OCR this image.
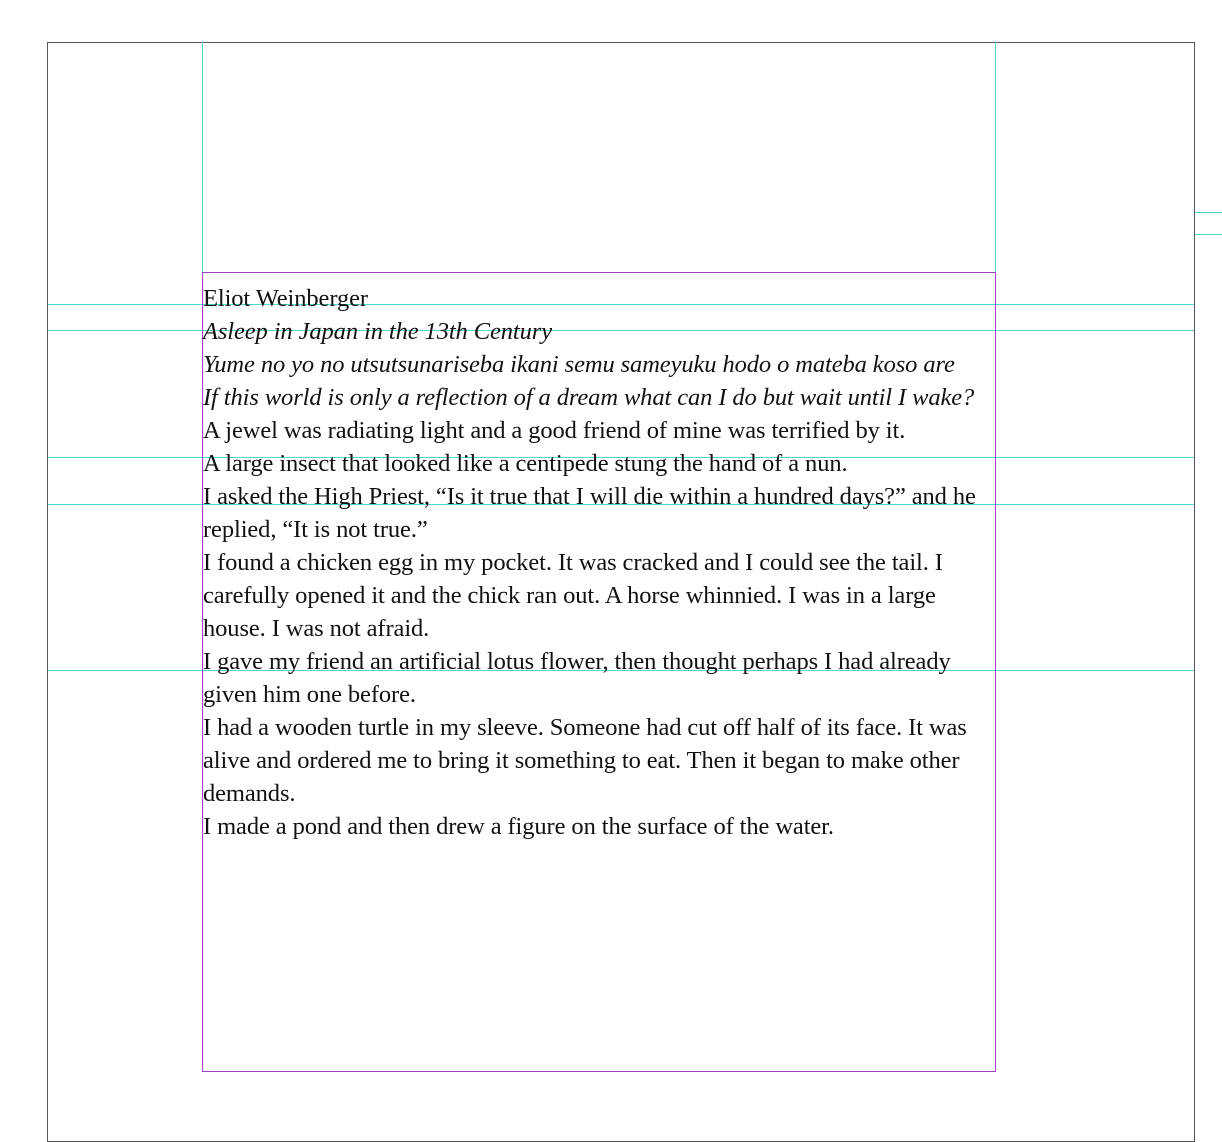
Eliot Weinberger

Asleep in Japan in the 13th Century

Yume no yo no utsutsunariseba ikani semu sameyuku hodo o mateba koso are

If this world is only a reflection of a dream what can I do but wait until I wake?

A jewel was radiating light and a good friend of mine was terrified by it.

A large insect that looked like a centipede stung the hand of a nun.

I asked the High Priest, “Is it true that I will die within a hundred days?” and he replied, “It is not true.”

I found a chicken egg in my pocket. It was cracked and I could see the tail. I carefully opened it and the chick ran out. A horse whinnied. I was in a large house. I was not afraid.

I gave my friend an artificial lotus flower, then thought perhaps I had already given him one before.

I had a wooden turtle in my sleeve. Someone had cut off half of its face. It was alive and ordered me to bring it something to eat. Then it began to make other demands.

I made a pond and then drew a figure on the surface of the water.
